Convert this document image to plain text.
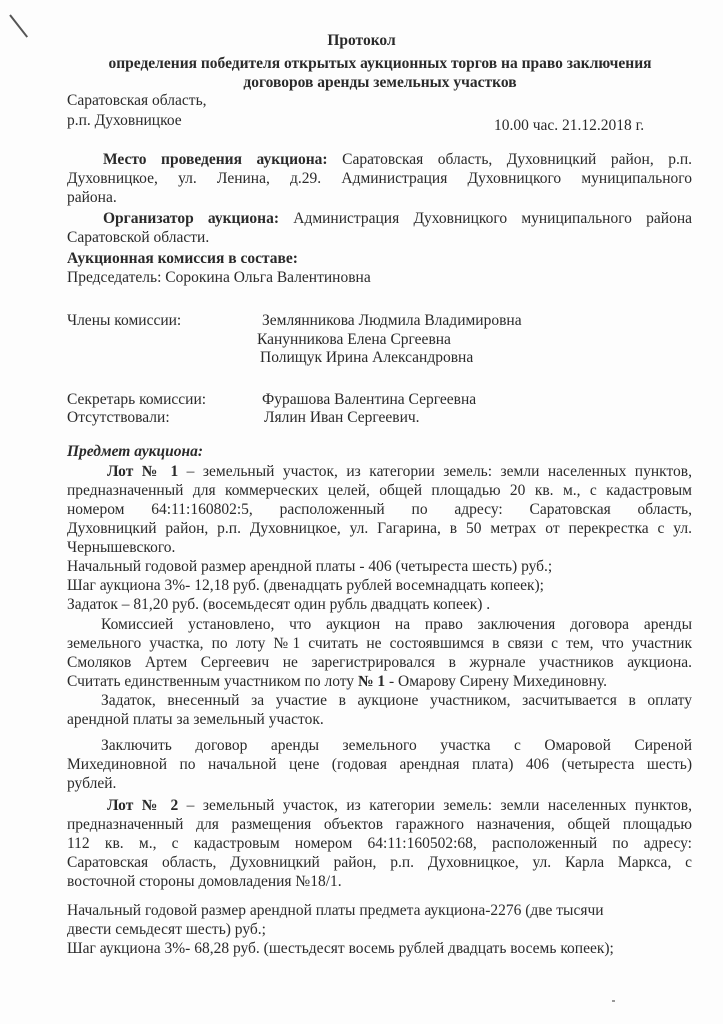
Протокол
определения победителя открытых аукционных торгов на право заключения
договоров аренды земельных участков
Саратовская область,
р.п. Духовницкое	10.00 час. 21.12.2018 г.
Место проведения аукциона: Саратовская область, Духовницкий район, р.п.
Духовницкое, ул. Ленина, д.29. Администрация Духовницкого муниципального
района.
Организатор аукциона: Администрация Духовницкого муниципального района
Саратовской области.
Аукционная комиссия в составе:
Председатель: Сорокина Ольга Валентиновна
Члены комиссии:	Землянникова Людмила Владимировна
Канунникова Елена Сргеевна
Полищук Ирина Александровна
Секретарь комиссии:	Фурашова Валентина Сергеевна
Отсутствовали:	Лялин Иван Сергеевич.
Предмет аукциона:
Лот № 1 – земельный участок, из категории земель: земли населенных пунктов,
предназначенный для коммерческих целей, общей площадью 20 кв. м., с кадастровым
номером 64:11:160802:5, расположенный по адресу: Саратовская область,
Духовницкий район, р.п. Духовницкое, ул. Гагарина, в 50 метрах от перекрестка с ул.
Чернышевского.
Начальный годовой размер арендной платы - 406 (четыреста шесть) руб.;
Шаг аукциона 3%- 12,18 руб. (двенадцать рублей восемнадцать копеек);
Задаток – 81,20 руб. (восемьдесят один рубль двадцать копеек) .
Комиссией установлено, что аукцион на право заключения договора аренды
земельного участка, по лоту №1 считать не состоявшимся в связи с тем, что участник
Смоляков Артем Сергеевич не зарегистрировался в журнале участников аукциона.
Считать единственным участником по лоту № 1 - Омарову Сирену Михединовну.
Задаток, внесенный за участие в аукционе участником, засчитывается в оплату
арендной платы за земельный участок.
Заключить договор аренды земельного участка с Омаровой Сиреной
Михединовной по начальной цене (годовая арендная плата) 406 (четыреста шесть)
рублей.
Лот № 2 – земельный участок, из категории земель: земли населенных пунктов,
предназначенный для размещения объектов гаражного назначения, общей площадью
112 кв. м., с кадастровым номером 64:11:160502:68, расположенный по адресу:
Саратовская область, Духовницкий район, р.п. Духовницкое, ул. Карла Маркса, с
восточной стороны домовладения №18/1.
Начальный годовой размер арендной платы предмета аукциона-2276 (две тысячи
двести семьдесят шесть) руб.;
Шаг аукциона 3%- 68,28 руб. (шестьдесят восемь рублей двадцать восемь копеек);
